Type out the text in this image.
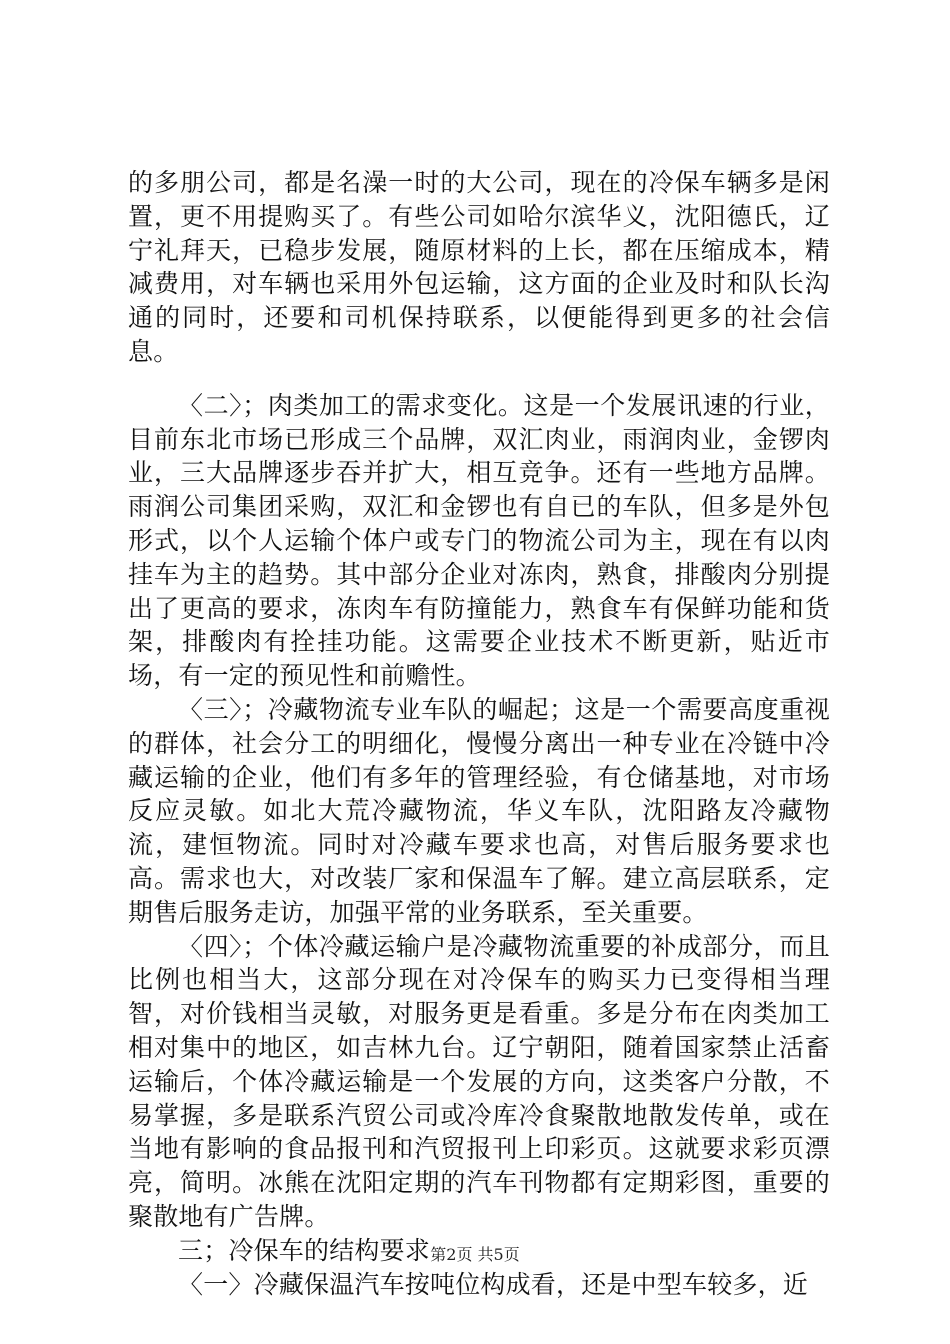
的多朋公司，都是名澡一时的大公司，现在的冷保车辆多是闲置，更不用提购买了。有些公司如哈尔滨华义，沈阳德氏，辽宁礼拜天，已稳步发展，随原材料的上长，都在压缩成本，精减费用，对车辆也采用外包运输，这方面的企业及时和队长沟通的同时，还要和司机保持联系，以便能得到更多的社会信息。

〈二〉；肉类加工的需求变化。这是一个发展讯速的行业，目前东北市场已形成三个品牌，双汇肉业，雨润肉业，金锣肉业，三大品牌逐步吞并扩大，相互竞争。还有一些地方品牌。雨润公司集团采购，双汇和金锣也有自已的车队，但多是外包形式，以个人运输个体户或专门的物流公司为主，现在有以肉挂车为主的趋势。其中部分企业对冻肉，熟食，排酸肉分别提出了更高的要求，冻肉车有防撞能力，熟食车有保鲜功能和货架，排酸肉有拴挂功能。这需要企业技术不断更新，贴近市场，有一定的预见性和前赡性。

〈三〉；冷藏物流专业车队的崛起；这是一个需要高度重视的群体，社会分工的明细化，慢慢分离出一种专业在冷链中冷藏运输的企业，他们有多年的管理经验，有仓储基地，对市场反应灵敏。如北大荒冷藏物流，华义车队，沈阳路友冷藏物流，建恒物流。同时对冷藏车要求也高，对售后服务要求也高。需求也大，对改装厂家和保温车了解。建立高层联系，定期售后服务走访，加强平常的业务联系，至关重要。

〈四〉；个体冷藏运输户是冷藏物流重要的补成部分，而且比例也相当大，这部分现在对冷保车的购买力已变得相当理智，对价钱相当灵敏，对服务更是看重。多是分布在肉类加工相对集中的地区，如吉林九台。辽宁朝阳，随着国家禁止活畜运输后，个体冷藏运输是一个发展的方向，这类客户分散，不易掌握，多是联系汽贸公司或冷库冷食聚散地散发传单，或在当地有影响的食品报刊和汽贸报刊上印彩页。这就要求彩页漂亮，简明。冰熊在沈阳定期的汽车刊物都有定期彩图，重要的聚散地有广告牌。

三；冷保车的结构要求

〈一〉冷藏保温汽车按吨位构成看，还是中型车较多，近

第2页 共5页
